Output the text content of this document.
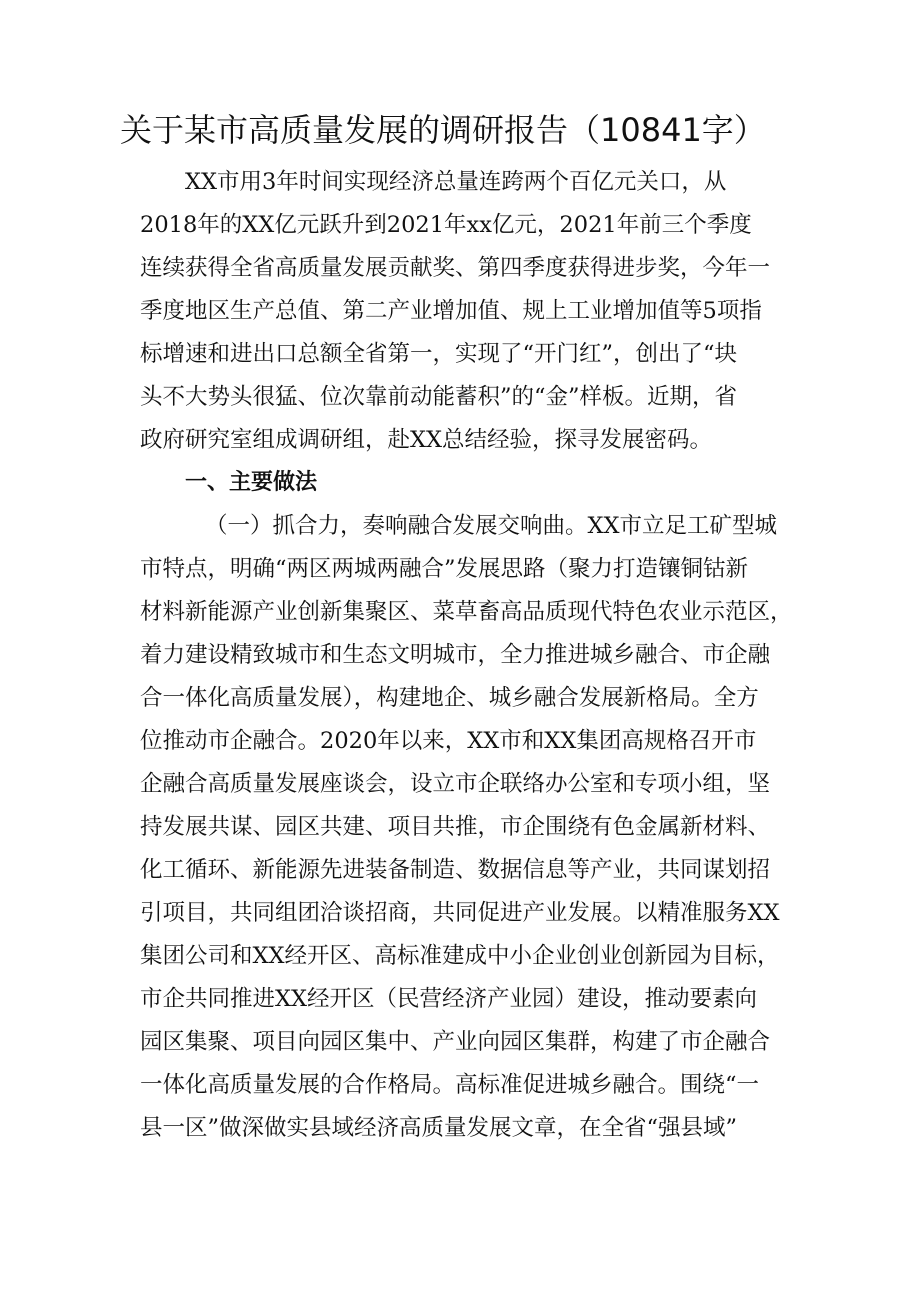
关于某市高质量发展的调研报告（10841字）
XX市用3年时间实现经济总量连跨两个百亿元关口，从
2018年的XX亿元跃升到2021年xx亿元，2021年前三个季度
连续获得全省高质量发展贡献奖、第四季度获得进步奖，今年一
季度地区生产总值、第二产业增加值、规上工业增加值等5项指
标增速和进出口总额全省第一，实现了“开门红”，创出了“块
头不大势头很猛、位次靠前动能蓄积”的“金”样板。近期，省
政府研究室组成调研组，赴XX总结经验，探寻发展密码。
一、主要做法
（一）抓合力，奏响融合发展交响曲。XX市立足工矿型城
市特点，明确“两区两城两融合”发展思路（聚力打造镶铜钴新
材料新能源产业创新集聚区、菜草畜高品质现代特色农业示范区，
着力建设精致城市和生态文明城市，全力推进城乡融合、市企融
合一体化高质量发展），构建地企、城乡融合发展新格局。全方
位推动市企融合。2020年以来，XX市和XX集团高规格召开市
企融合高质量发展座谈会，设立市企联络办公室和专项小组，坚
持发展共谋、园区共建、项目共推，市企围绕有色金属新材料、
化工循环、新能源先进装备制造、数据信息等产业，共同谋划招
引项目，共同组团洽谈招商，共同促进产业发展。以精准服务XX
集团公司和XX经开区、高标准建成中小企业创业创新园为目标，
市企共同推进XX经开区（民营经济产业园）建设，推动要素向
园区集聚、项目向园区集中、产业向园区集群，构建了市企融合
一体化高质量发展的合作格局。高标准促进城乡融合。围绕“一
县一区”做深做实县域经济高质量发展文章，在全省“强县域”
